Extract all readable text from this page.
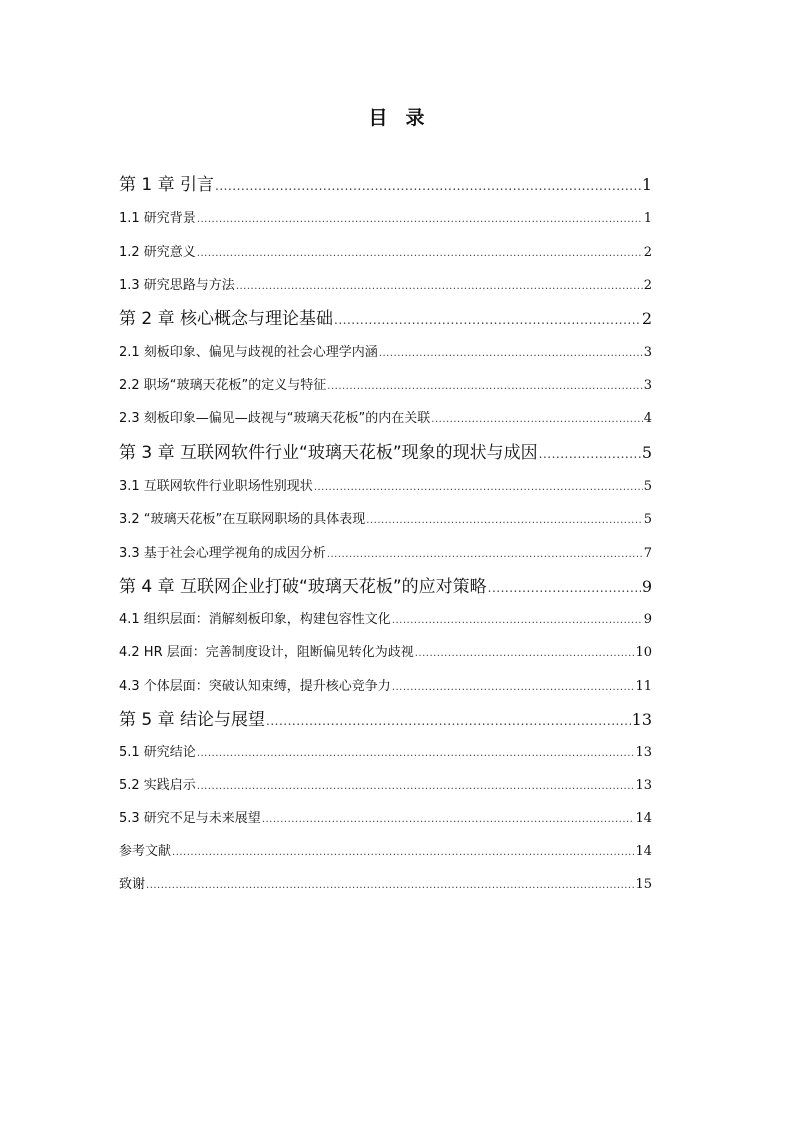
目录
第 1 章 引言 .....	1
1.1 研究背景 .....	1
1.2 研究意义 .....	2
1.3 研究思路与方法 .....	2
第 2 章 核心概念与理论基础 .....	2
2.1 刻板印象、偏见与歧视的社会心理学内涵 .....	3
2.2 职场“玻璃天花板”的定义与特征 .....	3
2.3 刻板印象—偏见—歧视与“玻璃天花板”的内在关联 .....	4
第 3 章 互联网软件行业“玻璃天花板”现象的现状与成因 .....	5
3.1 互联网软件行业职场性别现状 .....	5
3.2 “玻璃天花板”在互联网职场的具体表现 .....	5
3.3 基于社会心理学视角的成因分析 .....	7
第 4 章 互联网企业打破“玻璃天花板”的应对策略 .....	9
4.1 组织层面：消解刻板印象，构建包容性文化 .....	9
4.2 HR 层面：完善制度设计，阻断偏见转化为歧视 .....	10
4.3 个体层面：突破认知束缚，提升核心竞争力 .....	11
第 5 章 结论与展望 .....	13
5.1 研究结论 .....	13
5.2 实践启示 .....	13
5.3 研究不足与未来展望 .....	14
参考文献 .....	14
致谢 .....	15
